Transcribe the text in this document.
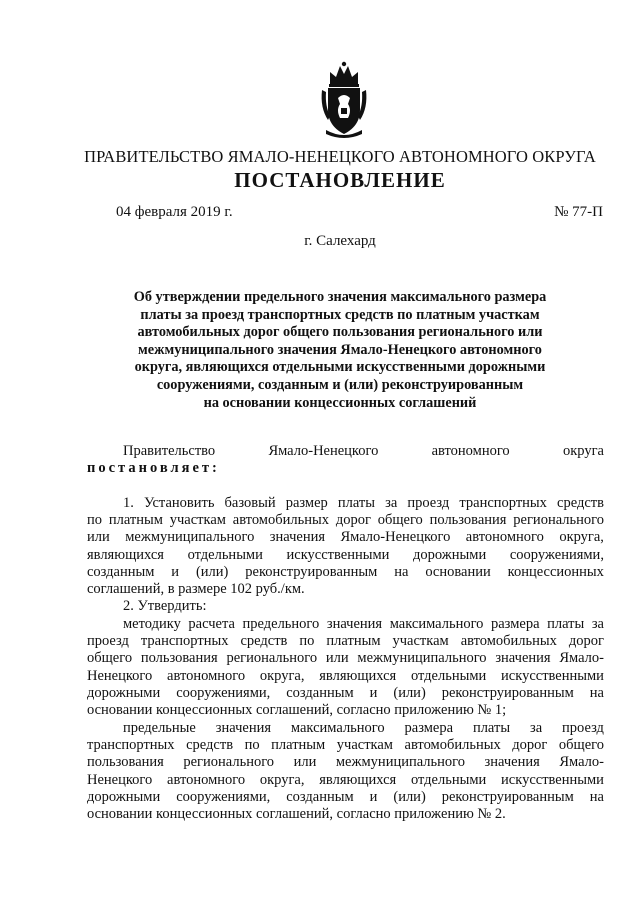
ПРАВИТЕЛЬСТВО ЯМАЛО-НЕНЕЦКОГО АВТОНОМНОГО ОКРУГА
ПОСТАНОВЛЕНИЕ
04 февраля 2019 г.	№ 77-П
г. Салехард
Об утверждении предельного значения максимального размера
платы за проезд транспортных средств по платным участкам
автомобильных дорог общего пользования регионального или
межмуниципального значения Ямало-Ненецкого автономного
округа, являющихся отдельными искусственными дорожными
сооружениями, созданным и (или) реконструированным
на основании концессионных соглашений
Правительство	Ямало-Ненецкого	автономного	округа
постановляет:
1. Установить базовый размер платы за проезд транспортных средств
по платным участкам автомобильных дорог общего пользования регионального
или межмуниципального значения Ямало-Ненецкого автономного округа,
являющихся отдельными искусственными дорожными сооружениями,
созданным и (или) реконструированным на основании концессионных
соглашений, в размере 102 руб./км.
2. Утвердить:
методику расчета предельного значения максимального размера платы за
проезд транспортных средств по платным участкам автомобильных дорог
общего пользования регионального или межмуниципального значения Ямало-
Ненецкого автономного округа, являющихся отдельными искусственными
дорожными сооружениями, созданным и (или) реконструированным на
основании концессионных соглашений, согласно приложению № 1;
предельные значения максимального размера платы за проезд
транспортных средств по платным участкам автомобильных дорог общего
пользования регионального или межмуниципального значения Ямало-
Ненецкого автономного округа, являющихся отдельными искусственными
дорожными сооружениями, созданным и (или) реконструированным на
основании концессионных соглашений, согласно приложению № 2.
